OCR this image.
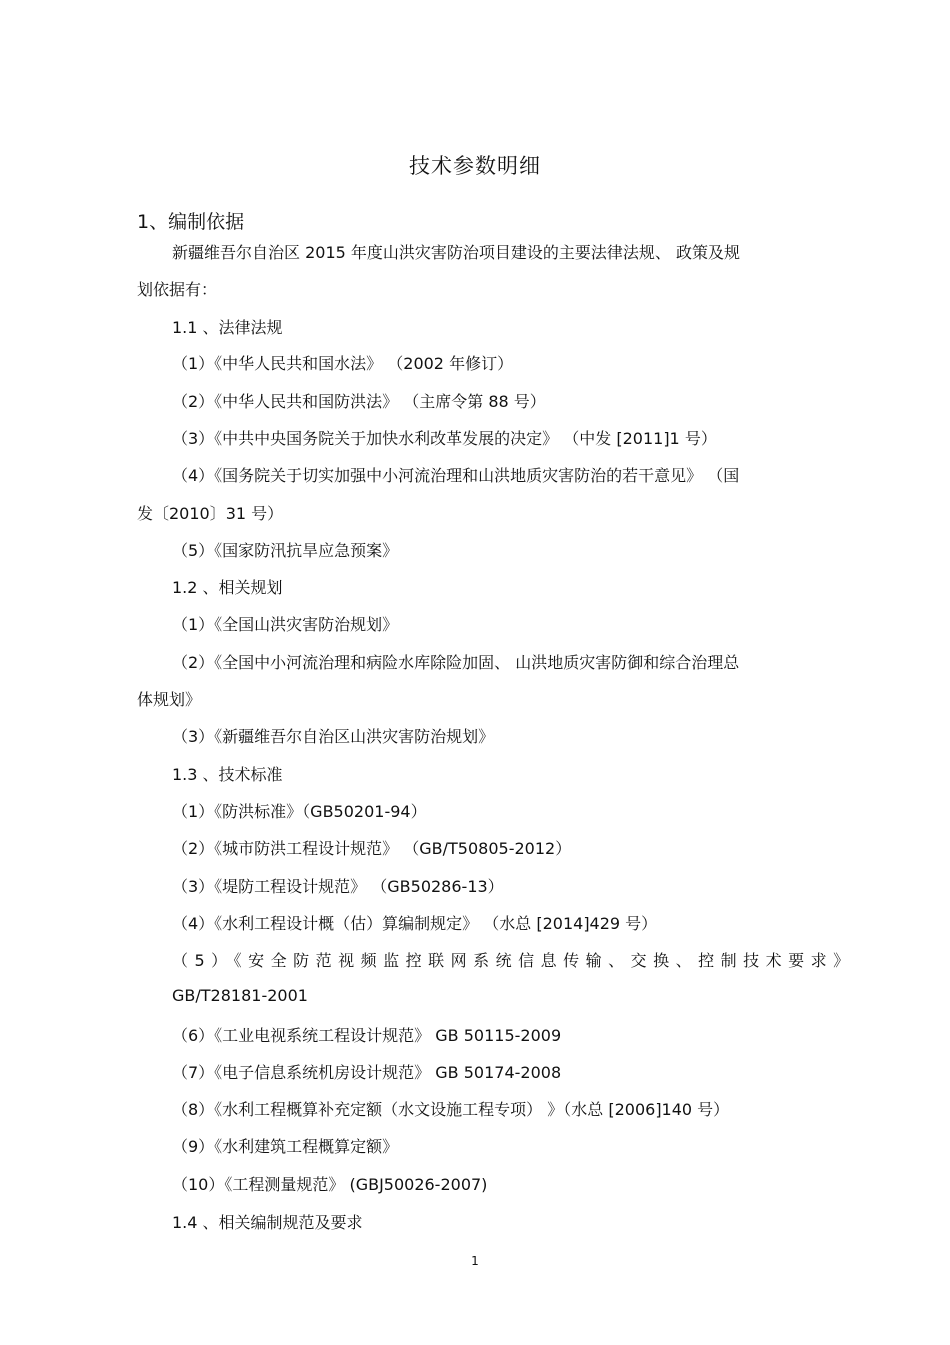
技术参数明细
1、编制依据
新疆维吾尔自治区 2015 年度山洪灾害防治项目建设的主要法律法规、 政策及规
划依据有：
1.1 、法律法规
（1）《中华人民共和国水法》 （2002 年修订）
（2）《中华人民共和国防洪法》 （主席令第 88 号）
（3）《中共中央国务院关于加快水利改革发展的决定》 （中发 [2011]1 号）
（4）《国务院关于切实加强中小河流治理和山洪地质灾害防治的若干意见》 （国
发〔2010〕31 号）
（5）《国家防汛抗旱应急预案》
1.2 、相关规划
（1）《全国山洪灾害防治规划》
（2）《全国中小河流治理和病险水库除险加固、 山洪地质灾害防御和综合治理总
体规划》
（3）《新疆维吾尔自治区山洪灾害防治规划》
1.3 、技术标准
（1）《防洪标准》（GB50201-94）
（2）《城市防洪工程设计规范》 （GB/T50805-2012）
（3）《堤防工程设计规范》 （GB50286-13）
（4）《水利工程设计概（估）算编制规定》 （水总 [2014]429 号）
（5）《安全防范视频监控联网系统信息传输、交换、控制技术要求》
GB/T28181-2001
（6）《工业电视系统工程设计规范》 GB 50115-2009
（7）《电子信息系统机房设计规范》 GB 50174-2008
（8）《水利工程概算补充定额（水文设施工程专项） 》（水总 [2006]140 号）
（9）《水利建筑工程概算定额》
（10）《工程测量规范》 (GBJ50026-2007)
1.4 、相关编制规范及要求
1
